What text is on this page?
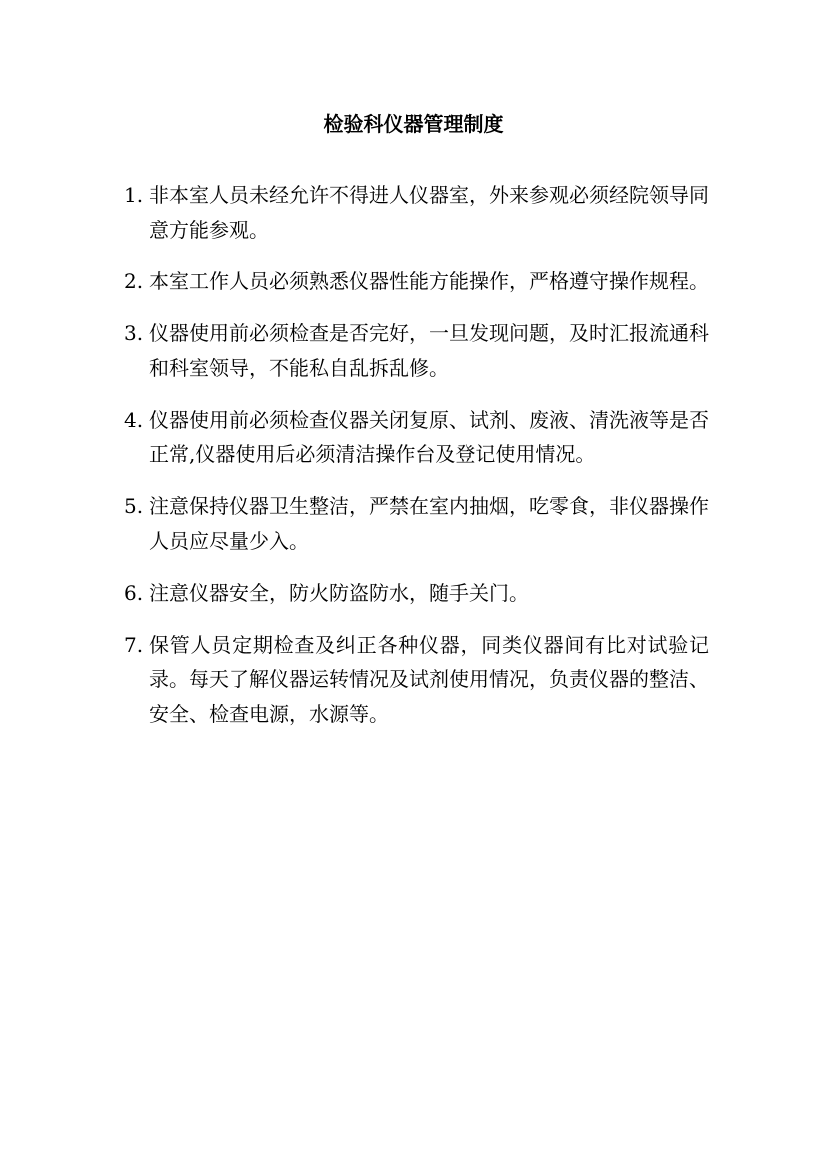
检验科仪器管理制度
1. 非本室人员未经允许不得进人仪器室，外来参观必须经院领导同意方能参观。
2. 本室工作人员必须熟悉仪器性能方能操作，严格遵守操作规程。
3. 仪器使用前必须检查是否完好，一旦发现问题，及时汇报流通科和科室领导，不能私自乱拆乱修。
4. 仪器使用前必须检查仪器关闭复原、试剂、废液、清洗液等是否正常,仪器使用后必须清洁操作台及登记使用情况。
5. 注意保持仪器卫生整洁，严禁在室内抽烟，吃零食，非仪器操作人员应尽量少入。
6. 注意仪器安全，防火防盗防水，随手关门。
7. 保管人员定期检查及纠正各种仪器，同类仪器间有比对试验记录。每天了解仪器运转情况及试剂使用情况，负责仪器的整洁、安全、检查电源，水源等。
